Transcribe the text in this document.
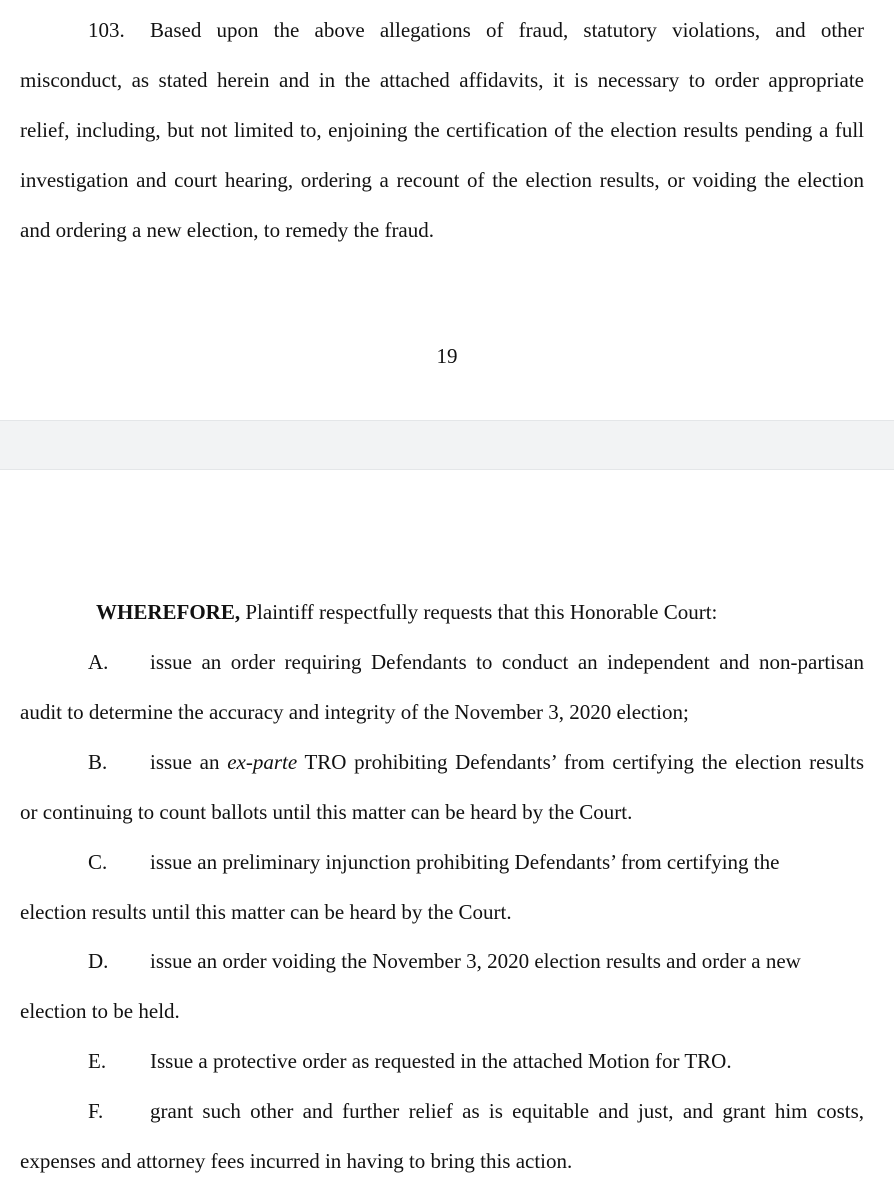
103. Based upon the above allegations of fraud, statutory violations, and other
misconduct, as stated herein and in the attached affidavits, it is necessary to order appropriate
relief, including, but not limited to, enjoining the certification of the election results pending a full
investigation and court hearing, ordering a recount of the election results, or voiding the election
and ordering a new election, to remedy the fraud.
19
WHEREFORE, Plaintiff respectfully requests that this Honorable Court:
A. issue an order requiring Defendants to conduct an independent and non-partisan
audit to determine the accuracy and integrity of the November 3, 2020 election;
B. issue an ex-parte TRO prohibiting Defendants’ from certifying the election results
or continuing to count ballots until this matter can be heard by the Court.
C. issue an preliminary injunction prohibiting Defendants’ from certifying the
election results until this matter can be heard by the Court.
D. issue an order voiding the November 3, 2020 election results and order a new
election to be held.
E. Issue a protective order as requested in the attached Motion for TRO.
F. grant such other and further relief as is equitable and just, and grant him costs,
expenses and attorney fees incurred in having to bring this action.
